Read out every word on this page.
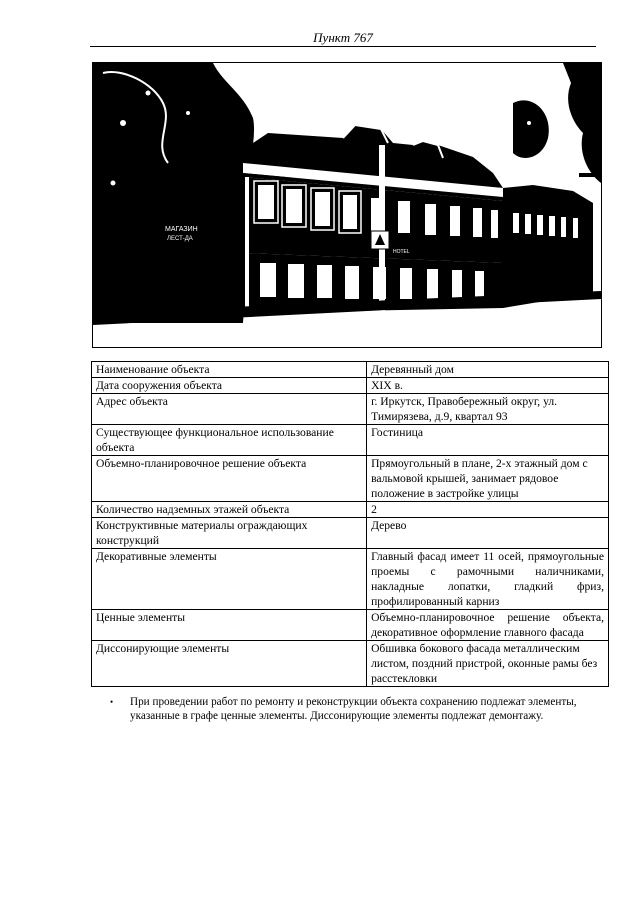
Пункт 767
МАГАЗИН
ЛЕСТ-ДА
HOTEL
Наименование объекта	Деревянный дом
Дата сооружения объекта	XIX в.
Адрес объекта	г. Иркутск, Правобережный округ, ул. Тимирязева, д.9, квартал 93
Существующее функциональное использование объекта	Гостиница
Объемно-планировочное решение объекта	Прямоугольный в плане, 2-х этажный дом с вальмовой крышей, занимает рядовое положение в застройке улицы
Количество надземных этажей объекта	2
Конструктивные материалы ограждающих конструкций	Дерево
Декоративные элементы	Главный фасад имеет 11 осей, прямоугольные проемы с рамочными наличниками, накладные лопатки, гладкий фриз, профилированный карниз
Ценные элементы	Объемно-планировочное решение объекта, декоративное оформление главного фасада
Диссонирующие элементы	Обшивка бокового фасада металлическим листом, поздний пристрой, оконные рамы без расстекловки
•	При проведении работ по ремонту и реконструкции объекта сохранению подлежат элементы, указанные в графе ценные элементы. Диссонирующие элементы подлежат демонтажу.
